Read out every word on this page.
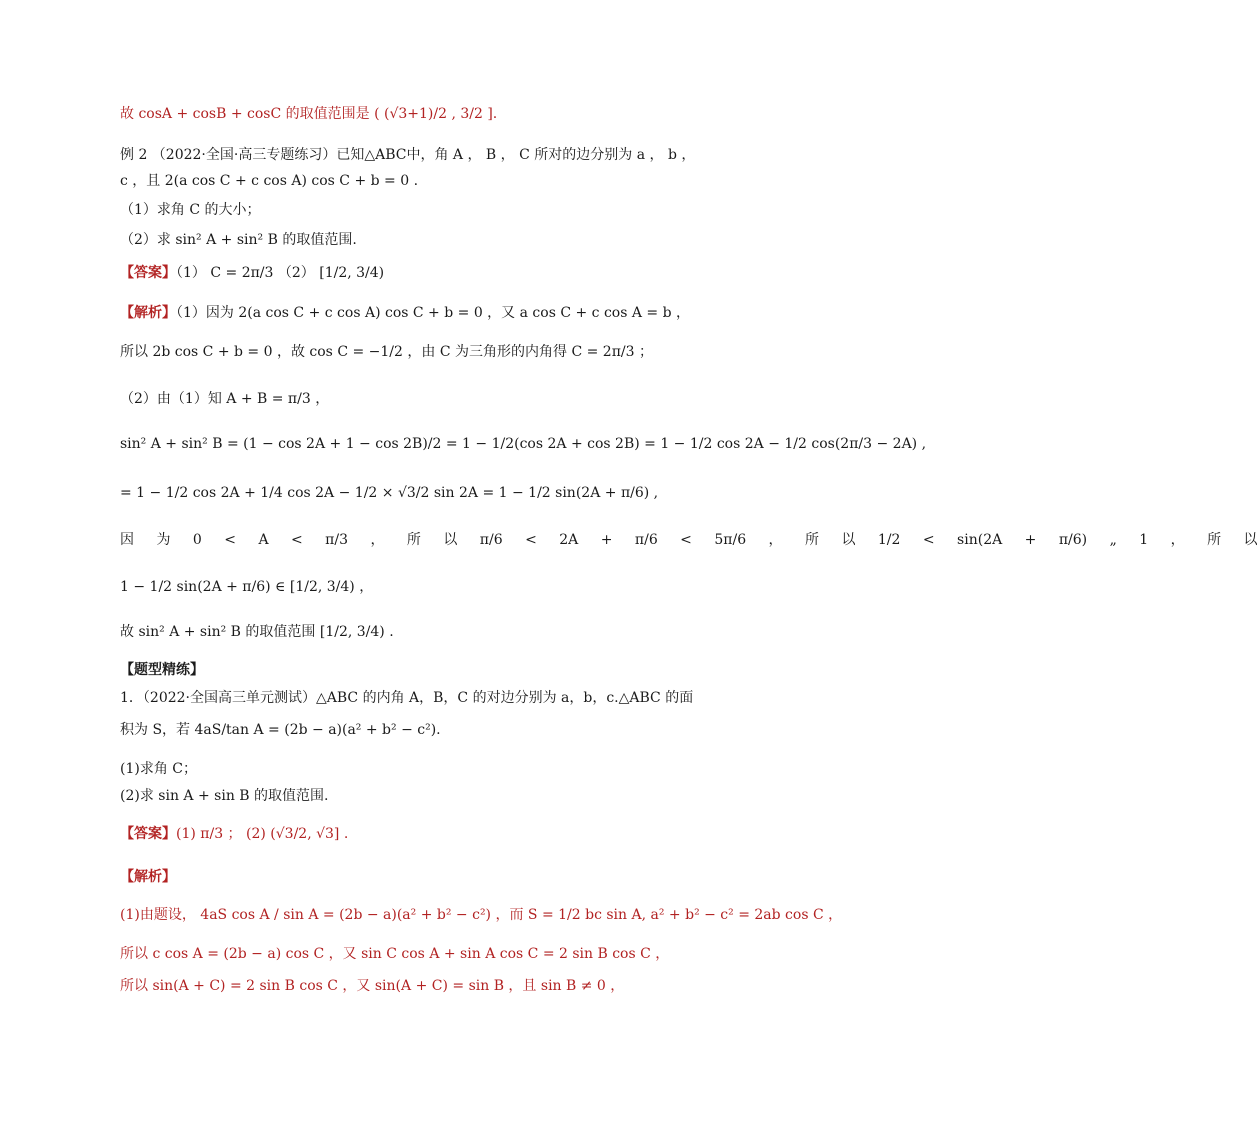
故 cosA + cosB + cosC 的取值范围是 ( (√3+1)/2 , 3/2 ].
例 2 （2022·全国·高三专题练习）已知△ABC中，角 A ， B ， C 所对的边分别为 a ， b ，
c ，且 2(a cos C + c cos A) cos C + b = 0 .
（1）求角 C 的大小；
（2）求 sin² A + sin² B 的取值范围.
【答案】（1） C = 2π/3 （2） [1/2, 3/4)
【解析】（1）因为 2(a cos C + c cos A) cos C + b = 0 ，又 a cos C + c cos A = b ，
所以 2b cos C + b = 0 ，故 cos C = −1/2 ，由 C 为三角形的内角得 C = 2π/3 ；
（2）由（1）知 A + B = π/3 ，
sin² A + sin² B = (1 − cos 2A + 1 − cos 2B)/2 = 1 − 1/2(cos 2A + cos 2B) = 1 − 1/2 cos 2A − 1/2 cos(2π/3 − 2A) ,
= 1 − 1/2 cos 2A + 1/4 cos 2A − 1/2 × √3/2 sin 2A = 1 − 1/2 sin(2A + π/6) ,
因 为 0 < A < π/3 ， 所 以 π/6 < 2A + π/6 < 5π/6 ， 所 以 1/2 < sin(2A + π/6) „ 1 ， 所 以
1 − 1/2 sin(2A + π/6) ∈ [1/2, 3/4) ，
故 sin² A + sin² B 的取值范围 [1/2, 3/4) .
【题型精练】
1．（2022·全国高三单元测试）△ABC 的内角 A，B，C 的对边分别为 a，b，c.△ABC 的面
积为 S，若 4aS/tan A = (2b − a)(a² + b² − c²).
(1)求角 C；
(2)求 sin A + sin B 的取值范围.
【答案】(1) π/3 ； (2) (√3/2, √3] .
【解析】
(1)由题设， 4aS cos A / sin A = (2b − a)(a² + b² − c²) ，而 S = 1/2 bc sin A, a² + b² − c² = 2ab cos C ，
所以 c cos A = (2b − a) cos C ，又 sin C cos A + sin A cos C = 2 sin B cos C ，
所以 sin(A + C) = 2 sin B cos C ，又 sin(A + C) = sin B ，且 sin B ≠ 0 ，
